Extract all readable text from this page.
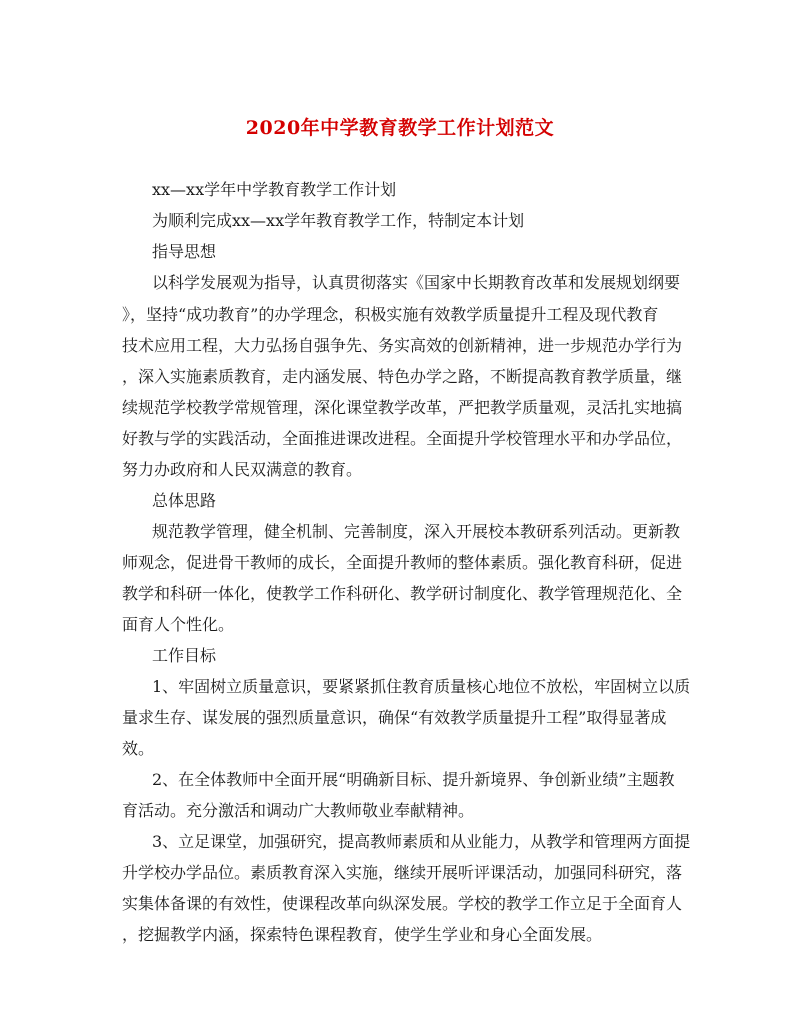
2020年中学教育教学工作计划范文
xx—xx学年中学教育教学工作计划
为顺利完成xx—xx学年教育教学工作，特制定本计划
指导思想
以科学发展观为指导，认真贯彻落实《国家中长期教育改革和发展规划纲要
》，坚持“成功教育”的办学理念，积极实施有效教学质量提升工程及现代教育
技术应用工程，大力弘扬自强争先、务实高效的创新精神，进一步规范办学行为
，深入实施素质教育，走内涵发展、特色办学之路，不断提高教育教学质量，继
续规范学校教学常规管理，深化课堂教学改革，严把教学质量观，灵活扎实地搞
好教与学的实践活动，全面推进课改进程。全面提升学校管理水平和办学品位，
努力办政府和人民双满意的教育。
总体思路
规范教学管理，健全机制、完善制度，深入开展校本教研系列活动。更新教
师观念，促进骨干教师的成长，全面提升教师的整体素质。强化教育科研，促进
教学和科研一体化，使教学工作科研化、教学研讨制度化、教学管理规范化、全
面育人个性化。
工作目标
1、牢固树立质量意识，要紧紧抓住教育质量核心地位不放松，牢固树立以质
量求生存、谋发展的强烈质量意识，确保“有效教学质量提升工程”取得显著成
效。
2、在全体教师中全面开展“明确新目标、提升新境界、争创新业绩”主题教
育活动。充分激活和调动广大教师敬业奉献精神。
3、立足课堂，加强研究，提高教师素质和从业能力，从教学和管理两方面提
升学校办学品位。素质教育深入实施，继续开展听评课活动，加强同科研究，落
实集体备课的有效性，使课程改革向纵深发展。学校的教学工作立足于全面育人
，挖掘教学内涵，探索特色课程教育，使学生学业和身心全面发展。
